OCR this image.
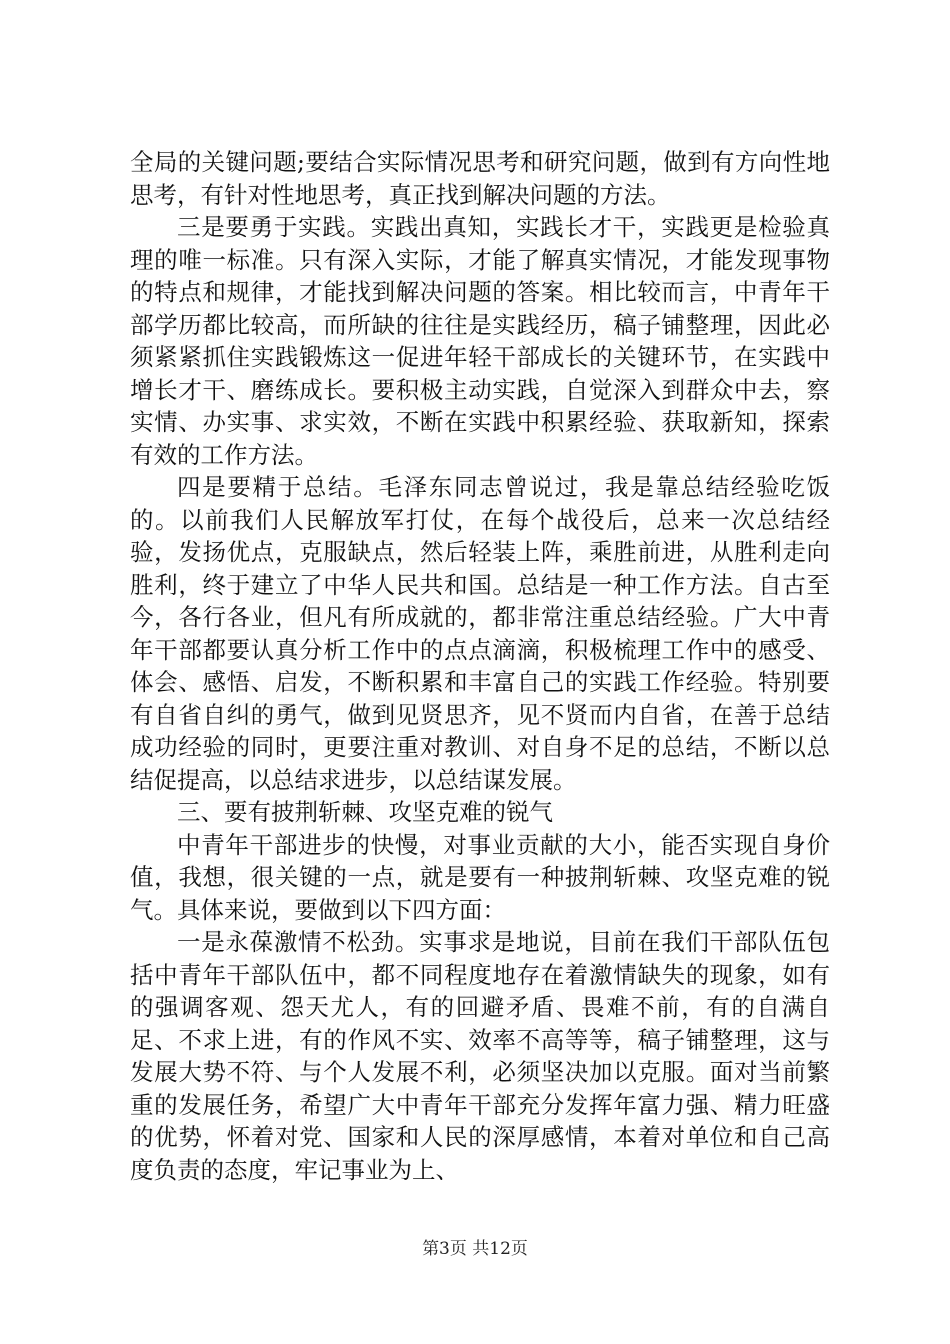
全局的关键问题;要结合实际情况思考和研究问题，做到有方向性地思考，有针对性地思考，真正找到解决问题的方法。

三是要勇于实践。实践出真知，实践长才干，实践更是检验真理的唯一标准。只有深入实际，才能了解真实情况，才能发现事物的特点和规律，才能找到解决问题的答案。相比较而言，中青年干部学历都比较高，而所缺的往往是实践经历，稿子铺整理，因此必须紧紧抓住实践锻炼这一促进年轻干部成长的关键环节，在实践中增长才干、磨练成长。要积极主动实践，自觉深入到群众中去，察实情、办实事、求实效，不断在实践中积累经验、获取新知，探索有效的工作方法。

四是要精于总结。毛泽东同志曾说过，我是靠总结经验吃饭的。以前我们人民解放军打仗，在每个战役后，总来一次总结经验，发扬优点，克服缺点，然后轻装上阵，乘胜前进，从胜利走向胜利，终于建立了中华人民共和国。总结是一种工作方法。自古至今，各行各业，但凡有所成就的，都非常注重总结经验。广大中青年干部都要认真分析工作中的点点滴滴，积极梳理工作中的感受、体会、感悟、启发，不断积累和丰富自己的实践工作经验。特别要有自省自纠的勇气，做到见贤思齐，见不贤而内自省，在善于总结成功经验的同时，更要注重对教训、对自身不足的总结，不断以总结促提高，以总结求进步，以总结谋发展。

三、要有披荆斩棘、攻坚克难的锐气

中青年干部进步的快慢，对事业贡献的大小，能否实现自身价值，我想，很关键的一点，就是要有一种披荆斩棘、攻坚克难的锐气。具体来说，要做到以下四方面：

一是永葆激情不松劲。实事求是地说，目前在我们干部队伍包括中青年干部队伍中，都不同程度地存在着激情缺失的现象，如有的强调客观、怨天尤人，有的回避矛盾、畏难不前，有的自满自足、不求上进，有的作风不实、效率不高等等，稿子铺整理，这与发展大势不符、与个人发展不利，必须坚决加以克服。面对当前繁重的发展任务，希望广大中青年干部充分发挥年富力强、精力旺盛的优势，怀着对党、国家和人民的深厚感情，本着对单位和自己高度负责的态度，牢记事业为上、

第3页 共12页
